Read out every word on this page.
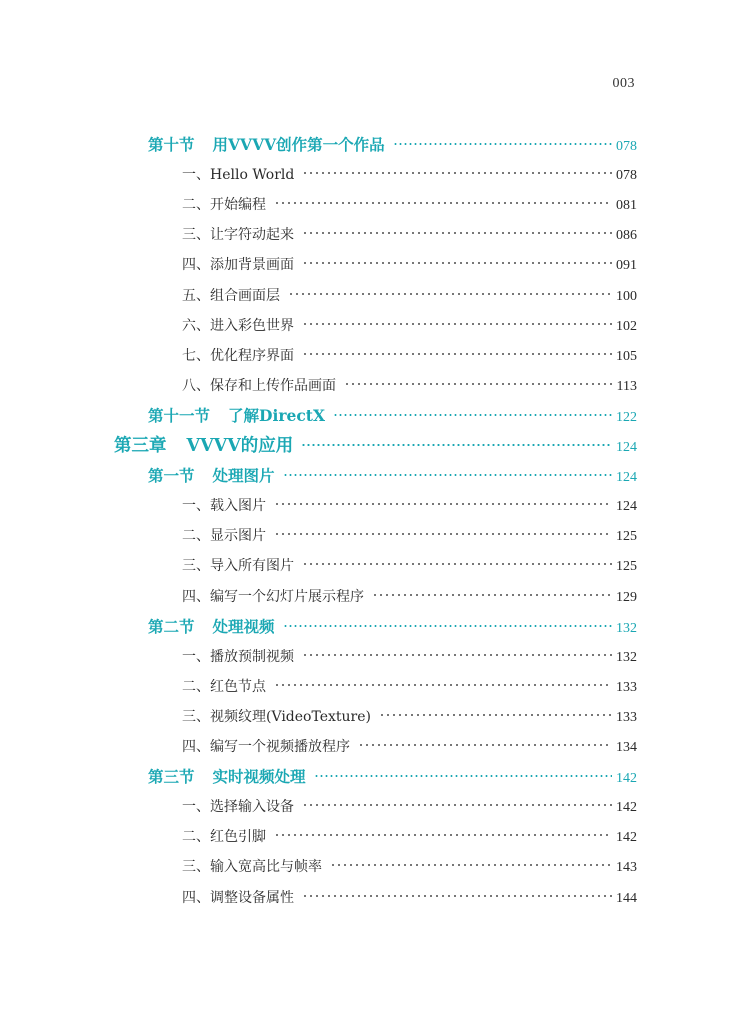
003
第十节 用VVVV创作第一个作品	078
一、Hello World	078
二、开始编程	081
三、让字符动起来	086
四、添加背景画面	091
五、组合画面层	100
六、进入彩色世界	102
七、优化程序界面	105
八、保存和上传作品画面	113
第十一节 了解DirectX	122
第三章 VVVV的应用	124
第一节 处理图片	124
一、载入图片	124
二、显示图片	125
三、导入所有图片	125
四、编写一个幻灯片展示程序	129
第二节 处理视频	132
一、播放预制视频	132
二、红色节点	133
三、视频纹理(VideoTexture)	133
四、编写一个视频播放程序	134
第三节 实时视频处理	142
一、选择输入设备	142
二、红色引脚	142
三、输入宽高比与帧率	143
四、调整设备属性	144
